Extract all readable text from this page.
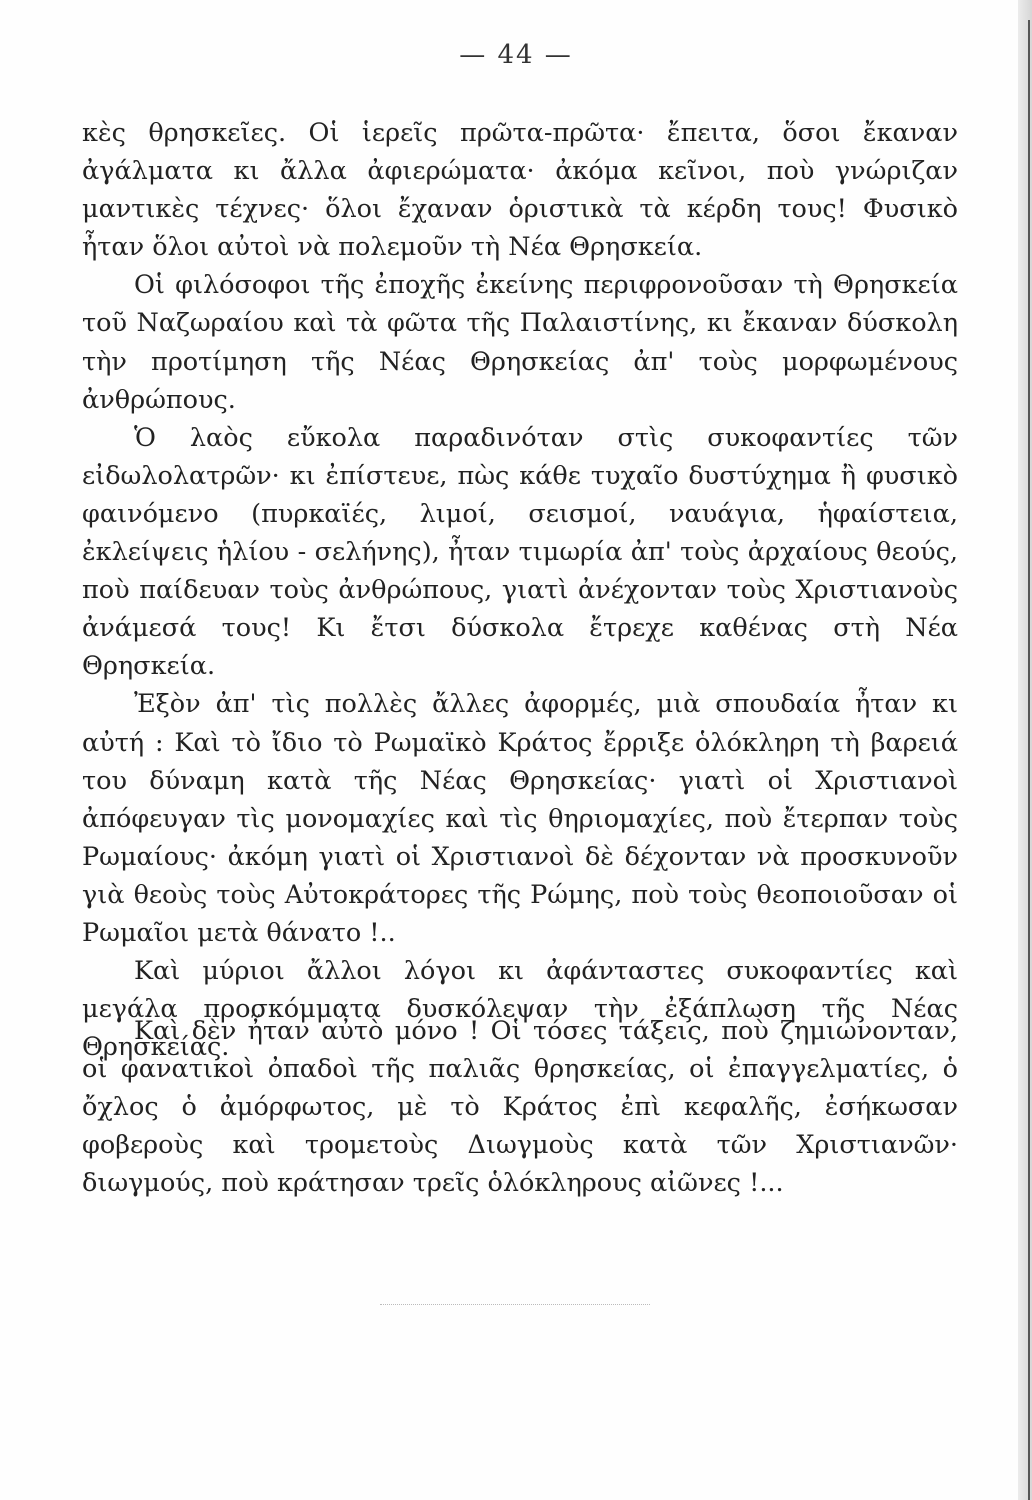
— 44 —

κὲς θρησκεῖες. Οἱ ἱερεῖς πρῶτα-πρῶτα· ἔπειτα, ὅσοι ἔκαναν ἀγάλματα κι ἄλλα ἀφιερώματα· ἀκόμα κεῖνοι, ποὺ γνώριζαν μαντικὲς τέχνες· ὅλοι ἔχαναν ὁριστικὰ τὰ κέρδη τους! Φυσικὸ ἦταν ὅλοι αὐτοὶ νὰ πολεμοῦν τὴ Νέα Θρησκεία.

Οἱ φιλόσοφοι τῆς ἐποχῆς ἐκείνης περιφρονοῦσαν τὴ Θρησκεία τοῦ Ναζωραίου καὶ τὰ φῶτα τῆς Παλαιστίνης, κι ἔκαναν δύσκολη τὴν προτίμηση τῆς Νέας Θρησκείας ἀπ' τοὺς μορφωμένους ἀνθρώπους.

Ὁ λαὸς εὔκολα παραδινόταν στὶς συκοφαντίες τῶν εἰδωλολατρῶν· κι ἐπίστευε, πὼς κάθε τυχαῖο δυστύχημα ἢ φυσικὸ φαινόμενο (πυρκαϊές, λιμοί, σεισμοί, ναυάγια, ἡφαίστεια, ἐκλείψεις ἡλίου - σελήνης), ἦταν τιμωρία ἀπ' τοὺς ἀρχαίους θεούς, ποὺ παίδευαν τοὺς ἀνθρώπους, γιατὶ ἀνέχονταν τοὺς Χριστιανοὺς ἀνάμεσά τους! Κι ἔτσι δύσκολα ἔτρεχε καθένας στὴ Νέα Θρησκεία.

Ἐξὸν ἀπ' τὶς πολλὲς ἄλλες ἀφορμές, μιὰ σπουδαία ἦταν κι αὐτή : Καὶ τὸ ἴδιο τὸ Ρωμαϊκὸ Κράτος ἔρριξε ὁλόκληρη τὴ βαρειά του δύναμη κατὰ τῆς Νέας Θρησκείας· γιατὶ οἱ Χριστιανοὶ ἀπόφευγαν τὶς μονομαχίες καὶ τὶς θηριομαχίες, ποὺ ἔτερπαν τοὺς Ρωμαίους· ἀκόμη γιατὶ οἱ Χριστιανοὶ δὲ δέχονταν νὰ προσκυνοῦν γιὰ θεοὺς τοὺς Αὐτοκράτορες τῆς Ρώμης, ποὺ τοὺς θεοποιοῦσαν οἱ Ρωμαῖοι μετὰ θάνατο !..

Καὶ μύριοι ἄλλοι λόγοι κι ἀφάνταστες συκοφαντίες καὶ μεγάλα προσκόμματα δυσκόλεψαν τὴν ἐξάπλωση τῆς Νέας Θρησκείας.

Καὶ δὲν ἦταν αὐτὸ μόνο ! Οἱ τόσες τάξεις, ποὺ ζημιώνονταν, οἱ φανατικοὶ ὀπαδοὶ τῆς παλιᾶς θρησκείας, οἱ ἐπαγγελματίες, ὁ ὄχλος ὁ ἀμόρφωτος, μὲ τὸ Κράτος ἐπὶ κεφαλῆς, ἐσήκωσαν φοβεροὺς καὶ τρομετοὺς Διωγμοὺς κατὰ τῶν Χριστιανῶν· διωγμούς, ποὺ κράτησαν τρεῖς ὁλόκληρους αἰῶνες !...
